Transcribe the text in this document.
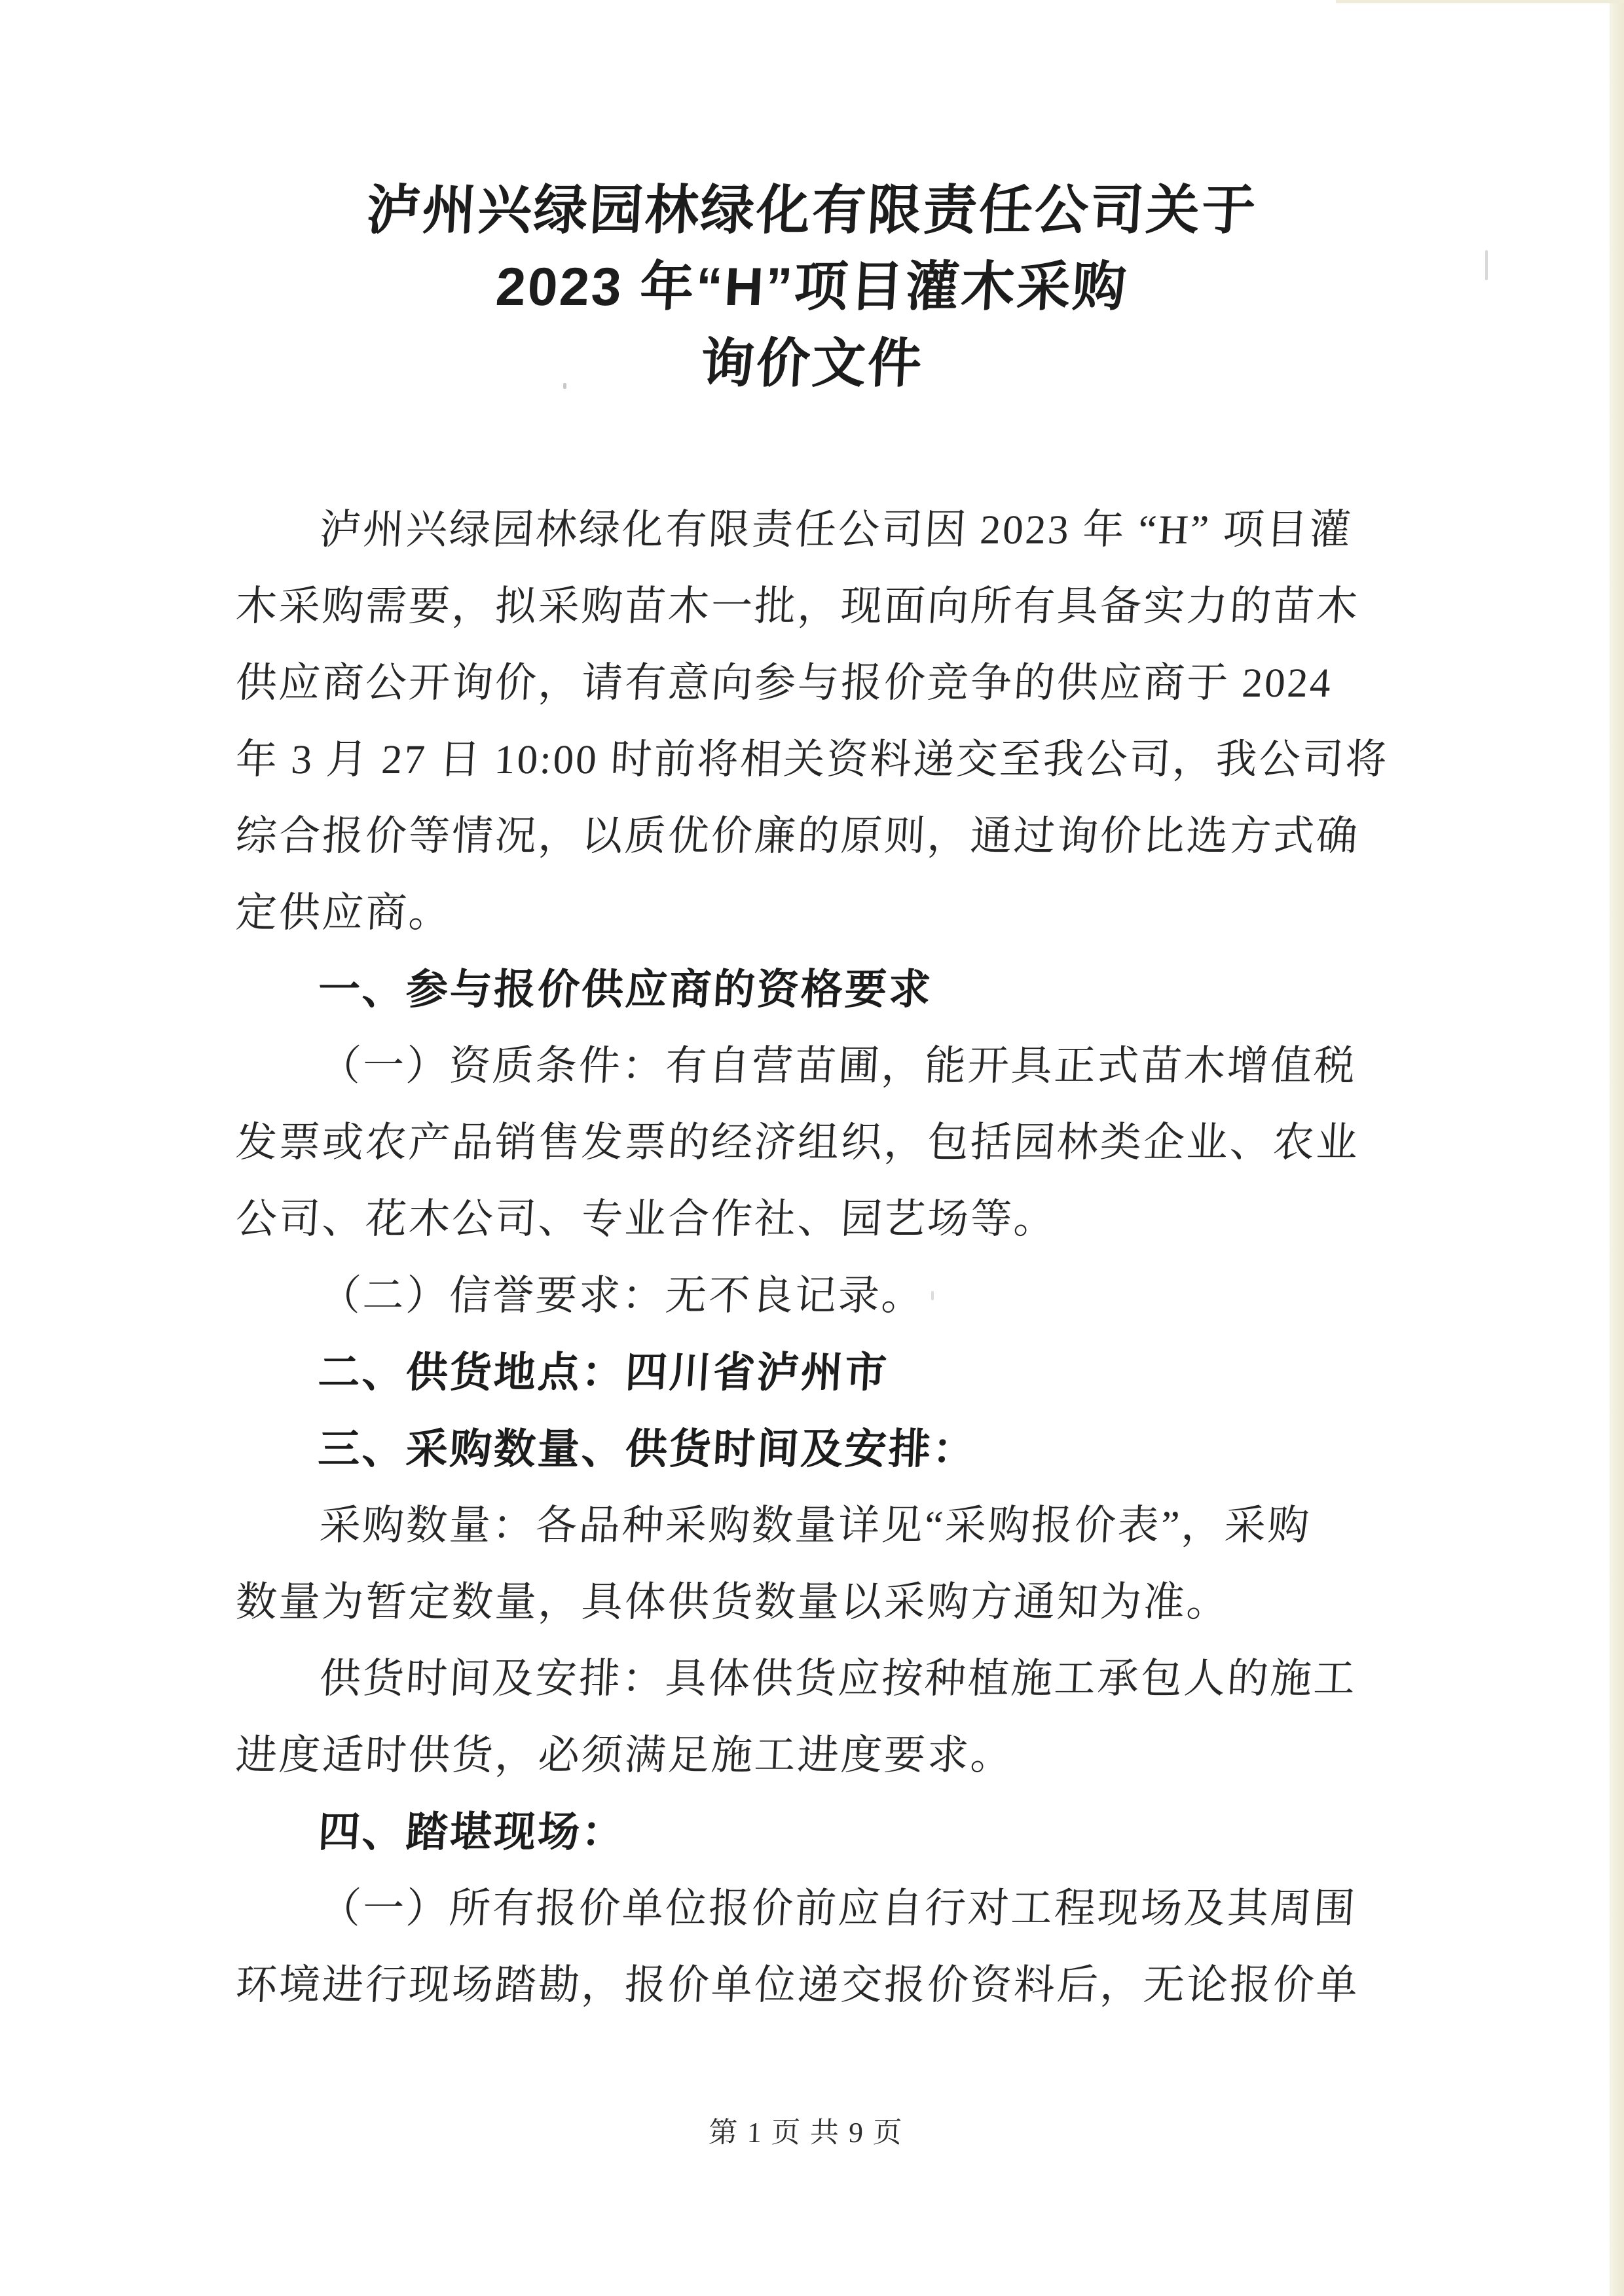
泸州兴绿园林绿化有限责任公司关于
2023 年“H”项目灌木采购
询价文件
泸州兴绿园林绿化有限责任公司因 2023 年 “H” 项目灌
木采购需要，拟采购苗木一批，现面向所有具备实力的苗木
供应商公开询价，请有意向参与报价竞争的供应商于 2024
年 3 月 27 日 10:00 时前将相关资料递交至我公司，我公司将
综合报价等情况，以质优价廉的原则，通过询价比选方式确
定供应商。
一、参与报价供应商的资格要求
（一）资质条件：有自营苗圃，能开具正式苗木增值税
发票或农产品销售发票的经济组织，包括园林类企业、农业
公司、花木公司、专业合作社、园艺场等。
（二）信誉要求：无不良记录。
二、供货地点：四川省泸州市
三、采购数量、供货时间及安排：
采购数量：各品种采购数量详见“采购报价表”，采购
数量为暂定数量，具体供货数量以采购方通知为准。
供货时间及安排：具体供货应按种植施工承包人的施工
进度适时供货，必须满足施工进度要求。
四、踏堪现场：
（一）所有报价单位报价前应自行对工程现场及其周围
环境进行现场踏勘，报价单位递交报价资料后，无论报价单
第 1 页 共 9 页
